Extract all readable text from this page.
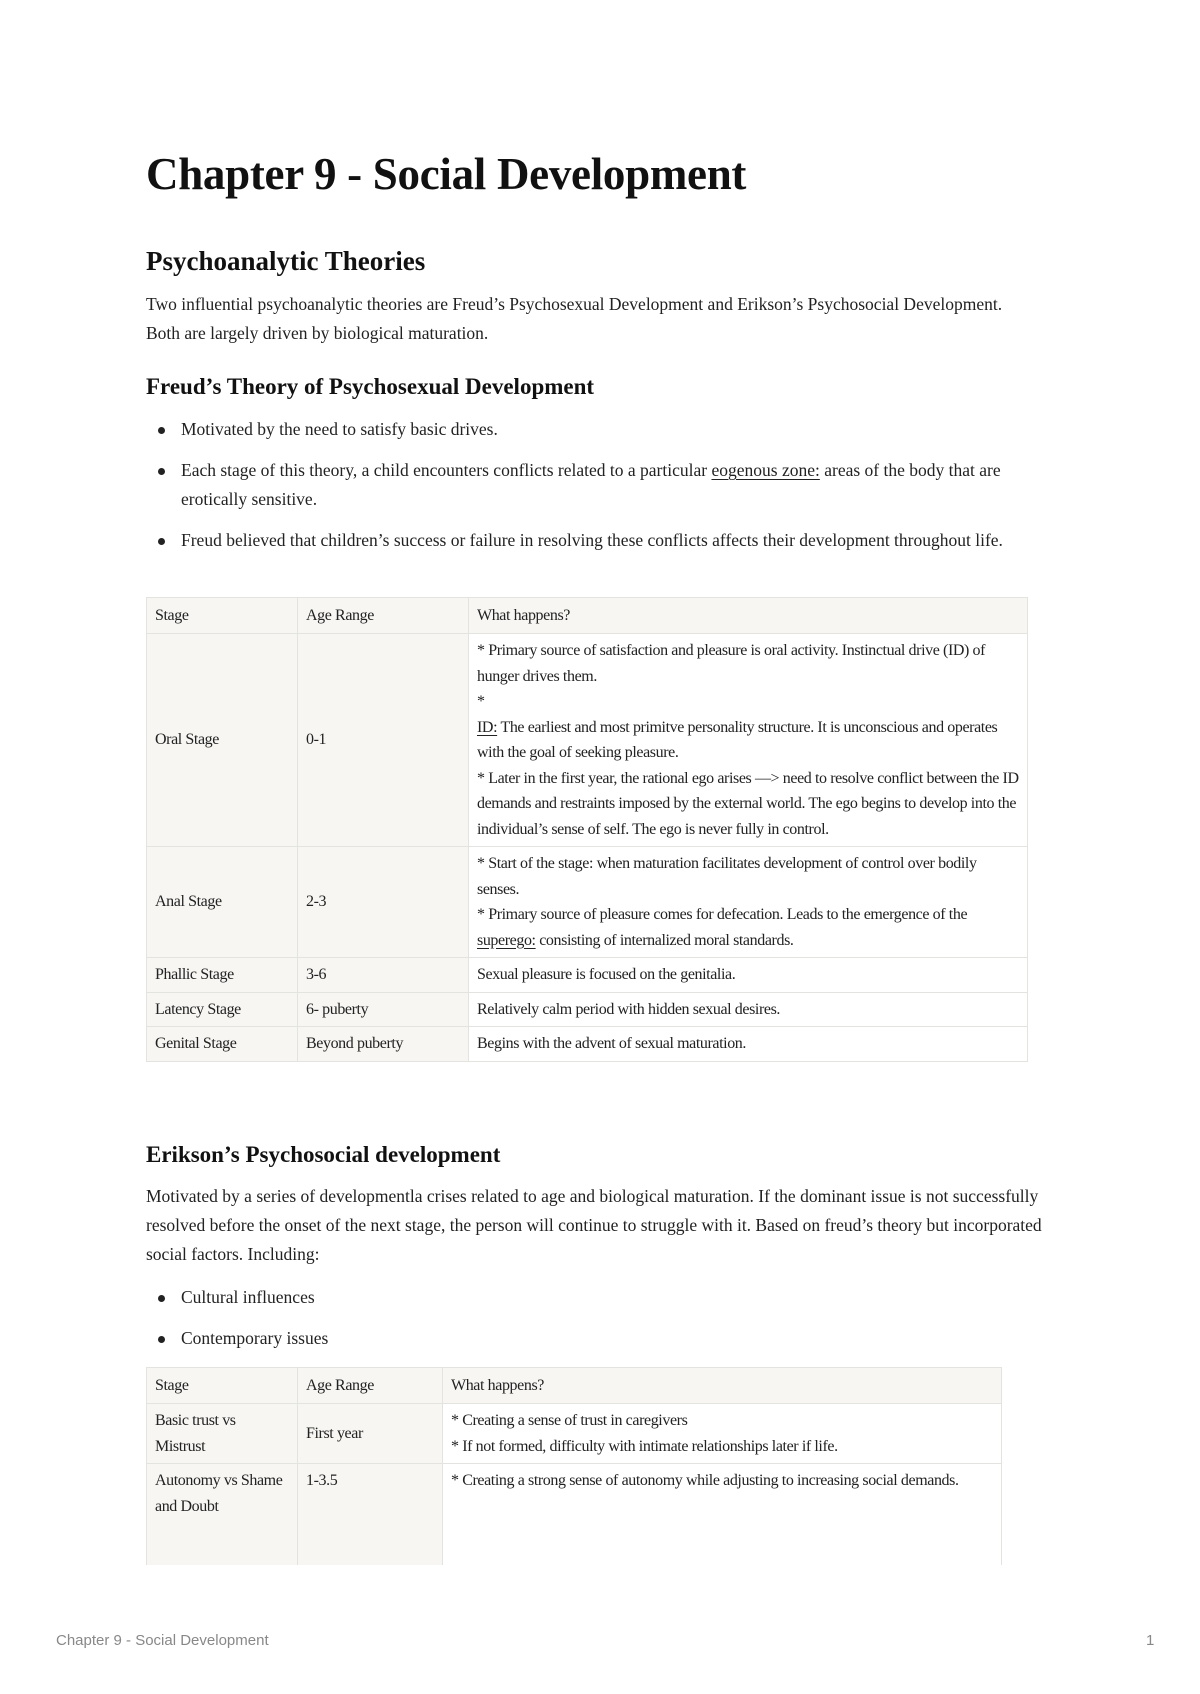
Chapter 9 - Social Development
Psychoanalytic Theories

Two influential psychoanalytic theories are Freud’s Psychosexual Development and Erikson’s Psychosocial Development. Both are largely driven by biological maturation.

Freud’s Theory of Psychosexual Development
Motivated by the need to satisfy basic drives.
Each stage of this theory, a child encounters conflicts related to a particular eogenous zone: areas of the body that are erotically sensitive.
Freud believed that children’s success or failure in resolving these conflicts affects their development throughout life.
Stage	Age Range	What happens?
Oral Stage	0-1	* Primary source of satisfaction and pleasure is oral activity. Instinctual drive (ID) of hunger drives them.
*
ID: The earliest and most primitve personality structure. It is unconscious and operates with the goal of seeking pleasure.
* Later in the first year, the rational ego arises —> need to resolve conflict between the ID demands and restraints imposed by the external world. The ego begins to develop into the individual’s sense of self. The ego is never fully in control.

Anal Stage	2-3	* Start of the stage: when maturation facilitates development of control over bodily senses.
* Primary source of pleasure comes for defecation. Leads to the emergence of the
superego: consisting of internalized moral standards.

Phallic Stage	3-6	Sexual pleasure is focused on the genitalia.
Latency Stage	6- puberty	Relatively calm period with hidden sexual desires.
Genital Stage	Beyond puberty	Begins with the advent of sexual maturation.
Erikson’s Psychosocial development

Motivated by a series of developmentla crises related to age and biological maturation. If the dominant issue is not successfully resolved before the onset of the next stage, the person will continue to struggle with it. Based on freud’s theory but incorporated social factors. Including:

Cultural influences
Contemporary issues
Stage	Age Range	What happens?
Basic trust vs Mistrust	First year	* Creating a sense of trust in caregivers
* If not formed, difficulty with intimate relationships later if life.

Autonomy vs Shame and Doubt	1-3.5	* Creating a strong sense of autonomy while adjusting to increasing social demands.
Chapter 9 - Social Development	1
